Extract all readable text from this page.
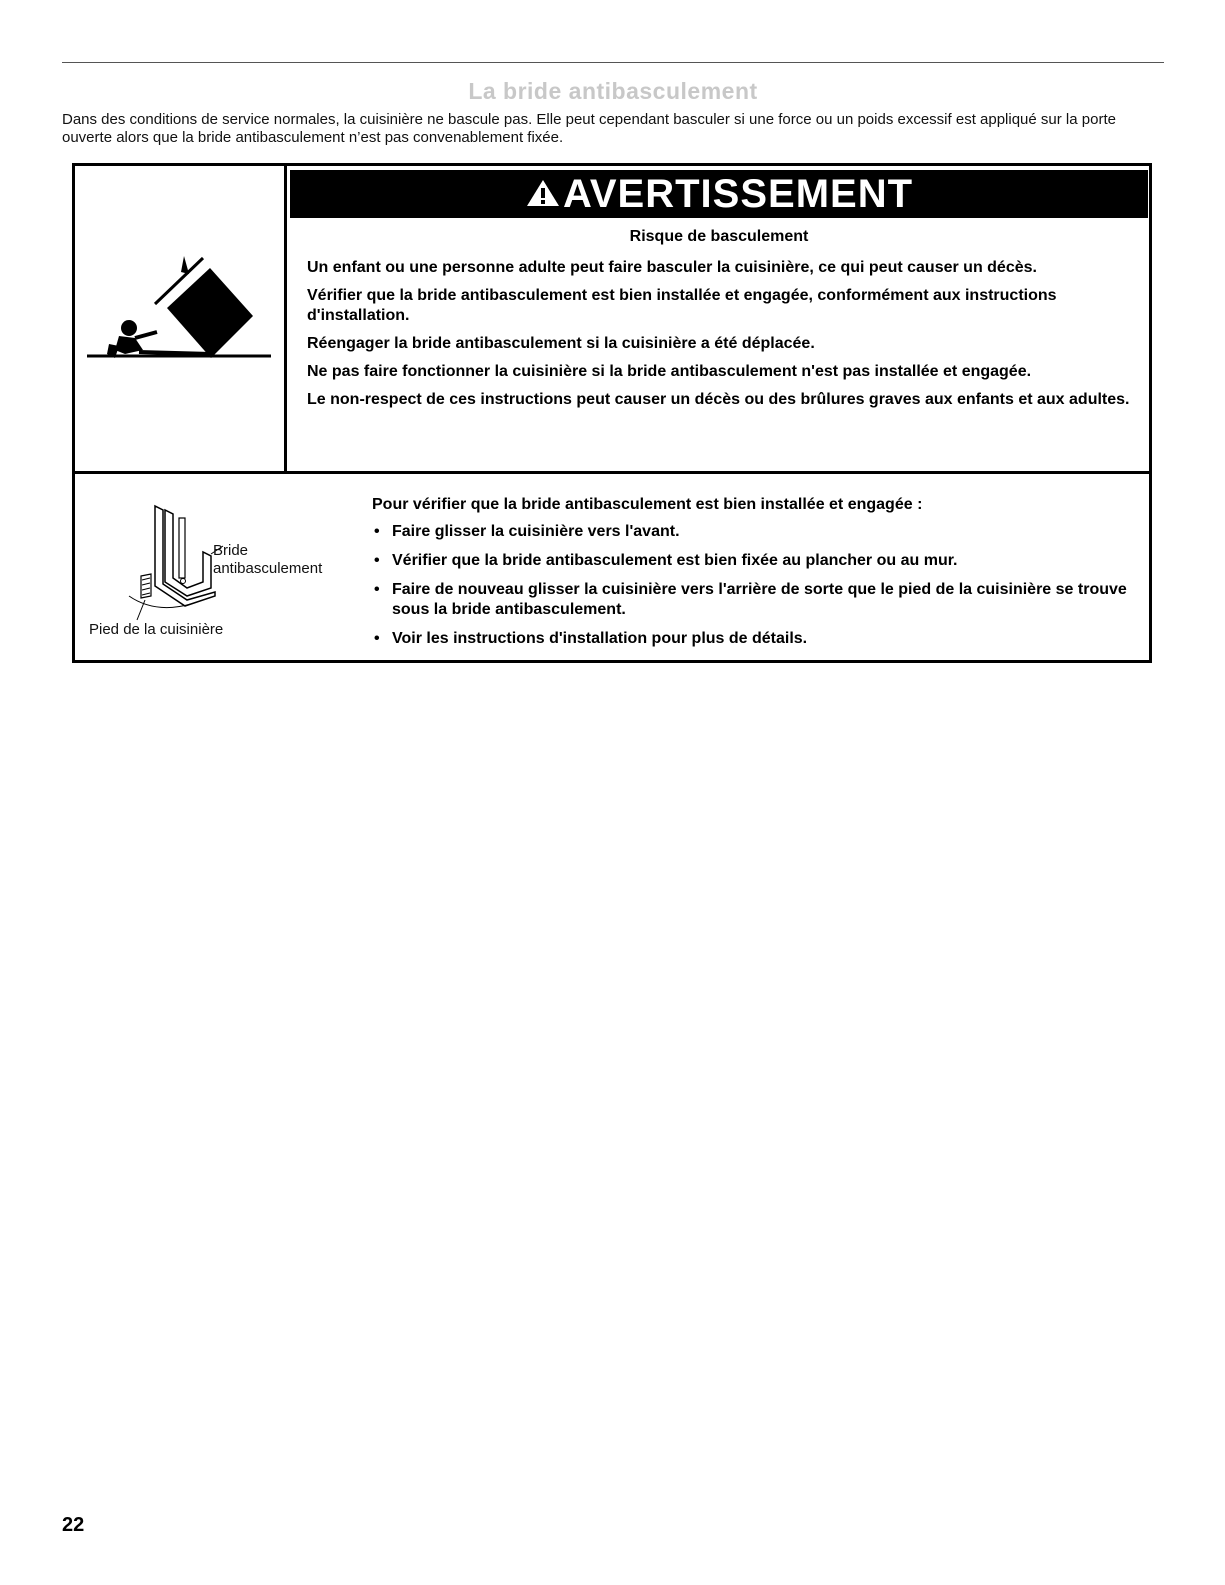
La bride antibasculement
Dans des conditions de service normales, la cuisinière ne bascule pas. Elle peut cependant basculer si une force ou un poids excessif est appliqué sur la porte ouverte alors que la bride antibasculement n’est pas convenablement fixée.
AVERTISSEMENT
Risque de basculement

Un enfant ou une personne adulte peut faire basculer la cuisinière, ce qui peut causer un décès.

Vérifier que la bride antibasculement est bien installée et engagée, conformément aux instructions d'installation.

Réengager la bride antibasculement si la cuisinière a été déplacée.

Ne pas faire fonctionner la cuisinière si la bride antibasculement n'est pas installée et engagée.

Le non-respect de ces instructions peut causer un décès ou des brûlures graves aux enfants et aux adultes.

Bride antibasculement
Pied de la cuisinière
Pour vérifier que la bride antibasculement est bien installée et engagée :
• Faire glisser la cuisinière vers l'avant.
• Vérifier que la bride antibasculement est bien fixée au plancher ou au mur.
• Faire de nouveau glisser la cuisinière vers l'arrière de sorte que le pied de la cuisinière se trouve sous la bride antibasculement.
• Voir les instructions d'installation pour plus de détails.
22
